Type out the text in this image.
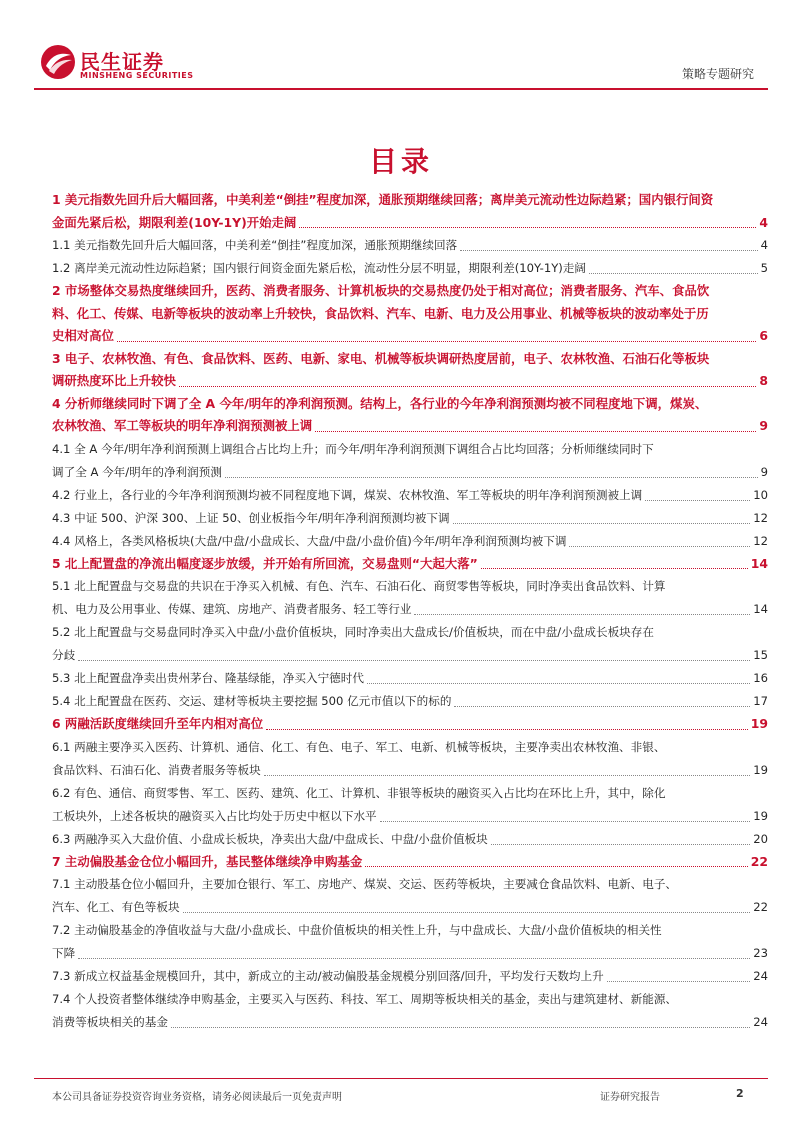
民生证券
MINSHENG SECURITIES	策略专题研究
目录
1 美元指数先回升后大幅回落，中美利差“倒挂”程度加深，通胀预期继续回落；离岸美元流动性边际趋紧；国内银行间资
金面先紧后松，期限利差(10Y-1Y)开始走阔	4
1.1 美元指数先回升后大幅回落，中美利差“倒挂”程度加深，通胀预期继续回落	4
1.2 离岸美元流动性边际趋紧；国内银行间资金面先紧后松，流动性分层不明显，期限利差(10Y-1Y)走阔	5
2 市场整体交易热度继续回升，医药、消费者服务、计算机板块的交易热度仍处于相对高位；消费者服务、汽车、食品饮
料、化工、传媒、电新等板块的波动率上升较快，食品饮料、汽车、电新、电力及公用事业、机械等板块的波动率处于历
史相对高位	6
3 电子、农林牧渔、有色、食品饮料、医药、电新、家电、机械等板块调研热度居前，电子、农林牧渔、石油石化等板块
调研热度环比上升较快	8
4 分析师继续同时下调了全 A 今年/明年的净利润预测。结构上，各行业的今年净利润预测均被不同程度地下调，煤炭、
农林牧渔、军工等板块的明年净利润预测被上调	9
4.1 全 A 今年/明年净利润预测上调组合占比均上升；而今年/明年净利润预测下调组合占比均回落；分析师继续同时下
调了全 A 今年/明年的净利润预测	9
4.2 行业上，各行业的今年净利润预测均被不同程度地下调，煤炭、农林牧渔、军工等板块的明年净利润预测被上调	10
4.3 中证 500、沪深 300、上证 50、创业板指今年/明年净利润预测均被下调	12
4.4 风格上，各类风格板块(大盘/中盘/小盘成长、大盘/中盘/小盘价值)今年/明年净利润预测均被下调	12
5 北上配置盘的净流出幅度逐步放缓，并开始有所回流，交易盘则“大起大落”	14
5.1 北上配置盘与交易盘的共识在于净买入机械、有色、汽车、石油石化、商贸零售等板块，同时净卖出食品饮料、计算
机、电力及公用事业、传媒、建筑、房地产、消费者服务、轻工等行业	14
5.2 北上配置盘与交易盘同时净买入中盘/小盘价值板块，同时净卖出大盘成长/价值板块，而在中盘/小盘成长板块存在
分歧	15
5.3 北上配置盘净卖出贵州茅台、隆基绿能，净买入宁德时代	16
5.4 北上配置盘在医药、交运、建材等板块主要挖掘 500 亿元市值以下的标的	17
6 两融活跃度继续回升至年内相对高位	19
6.1 两融主要净买入医药、计算机、通信、化工、有色、电子、军工、电新、机械等板块，主要净卖出农林牧渔、非银、
食品饮料、石油石化、消费者服务等板块	19
6.2 有色、通信、商贸零售、军工、医药、建筑、化工、计算机、非银等板块的融资买入占比均在环比上升，其中，除化
工板块外，上述各板块的融资买入占比均处于历史中枢以下水平	19
6.3 两融净买入大盘价值、小盘成长板块，净卖出大盘/中盘成长、中盘/小盘价值板块	20
7 主动偏股基金仓位小幅回升，基民整体继续净申购基金	22
7.1 主动股基仓位小幅回升，主要加仓银行、军工、房地产、煤炭、交运、医药等板块，主要减仓食品饮料、电新、电子、
汽车、化工、有色等板块	22
7.2 主动偏股基金的净值收益与大盘/小盘成长、中盘价值板块的相关性上升，与中盘成长、大盘/小盘价值板块的相关性
下降	23
7.3 新成立权益基金规模回升，其中，新成立的主动/被动偏股基金规模分别回落/回升，平均发行天数均上升	24
7.4 个人投资者整体继续净申购基金，主要买入与医药、科技、军工、周期等板块相关的基金，卖出与建筑建材、新能源、
消费等板块相关的基金	24
本公司具备证券投资咨询业务资格，请务必阅读最后一页免责声明	证券研究报告	2
